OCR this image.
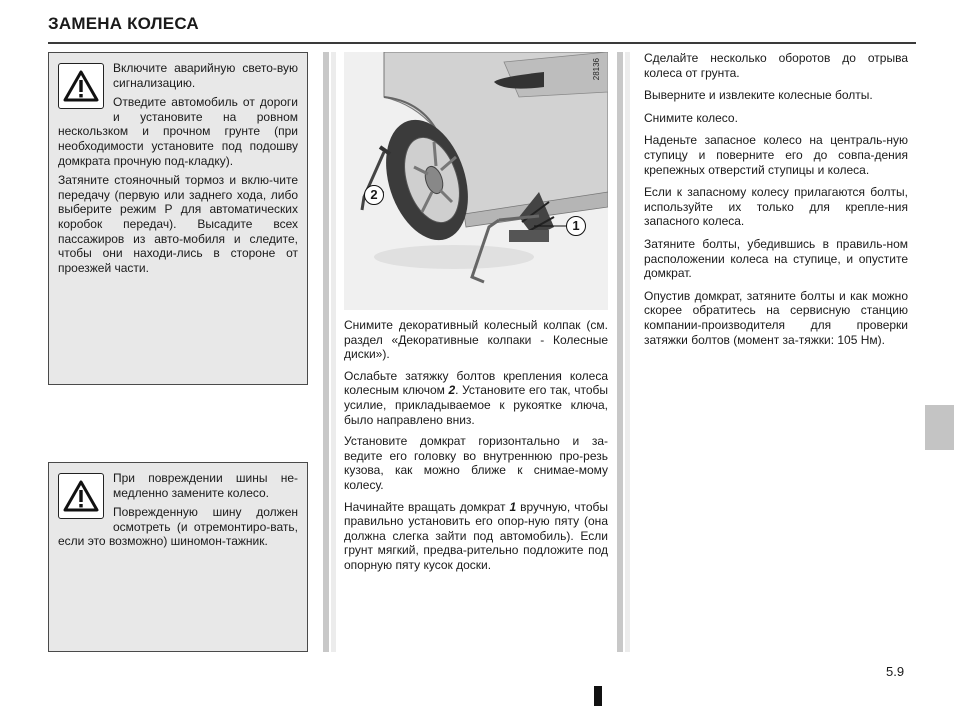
ЗАМЕНА КОЛЕСА

Включите аварийную свето-вую сигнализацию.

Отведите автомобиль от дороги и установите на ровном нескользком и прочном грунте (при необходимости установите под подошву домкрата прочную под-кладку).

Затяните стояночный тормоз и вклю-чите передачу (первую или заднего хода, либо выберите режим Р для автоматических коробок передач). Высадите всех пассажиров из авто-мобиля и следите, чтобы они находи-лись в стороне от проезжей части.

При повреждении шины не-медленно замените колесо.

Поврежденную шину должен осмотреть (и отремонтиро-вать, если это возможно) шиномон-тажник.

28136
2
1

Снимите декоративный колесный колпак (см. раздел «Декоративные колпаки - Колесные диски»).

Ослабьте затяжку болтов крепления колеса колесным ключом 2. Установите его так, чтобы усилие, прикладываемое к рукоятке ключа, было направлено вниз.

Установите домкрат горизонтально и за-ведите его головку во внутреннюю про-резь кузова, как можно ближе к снимае-мому колесу.

Начинайте вращать домкрат 1 вручную, чтобы правильно установить его опор-ную пяту (она должна слегка зайти под автомобиль). Если грунт мягкий, предва-рительно подложите под опорную пяту кусок доски.

Сделайте несколько оборотов до отрыва колеса от грунта.

Выверните и извлеките колесные болты.

Снимите колесо.

Наденьте запасное колесо на централь-ную ступицу и поверните его до совпа-дения крепежных отверстий ступицы и колеса.

Если к запасному колесу прилагаются болты, используйте их только для крепле-ния запасного колеса.

Затяните болты, убедившись в правиль-ном расположении колеса на ступице, и опустите домкрат.

Опустив домкрат, затяните болты и как можно скорее обратитесь на сервисную станцию компании-производителя для проверки затяжки болтов (момент за-тяжки: 105 Нм).

5.9
